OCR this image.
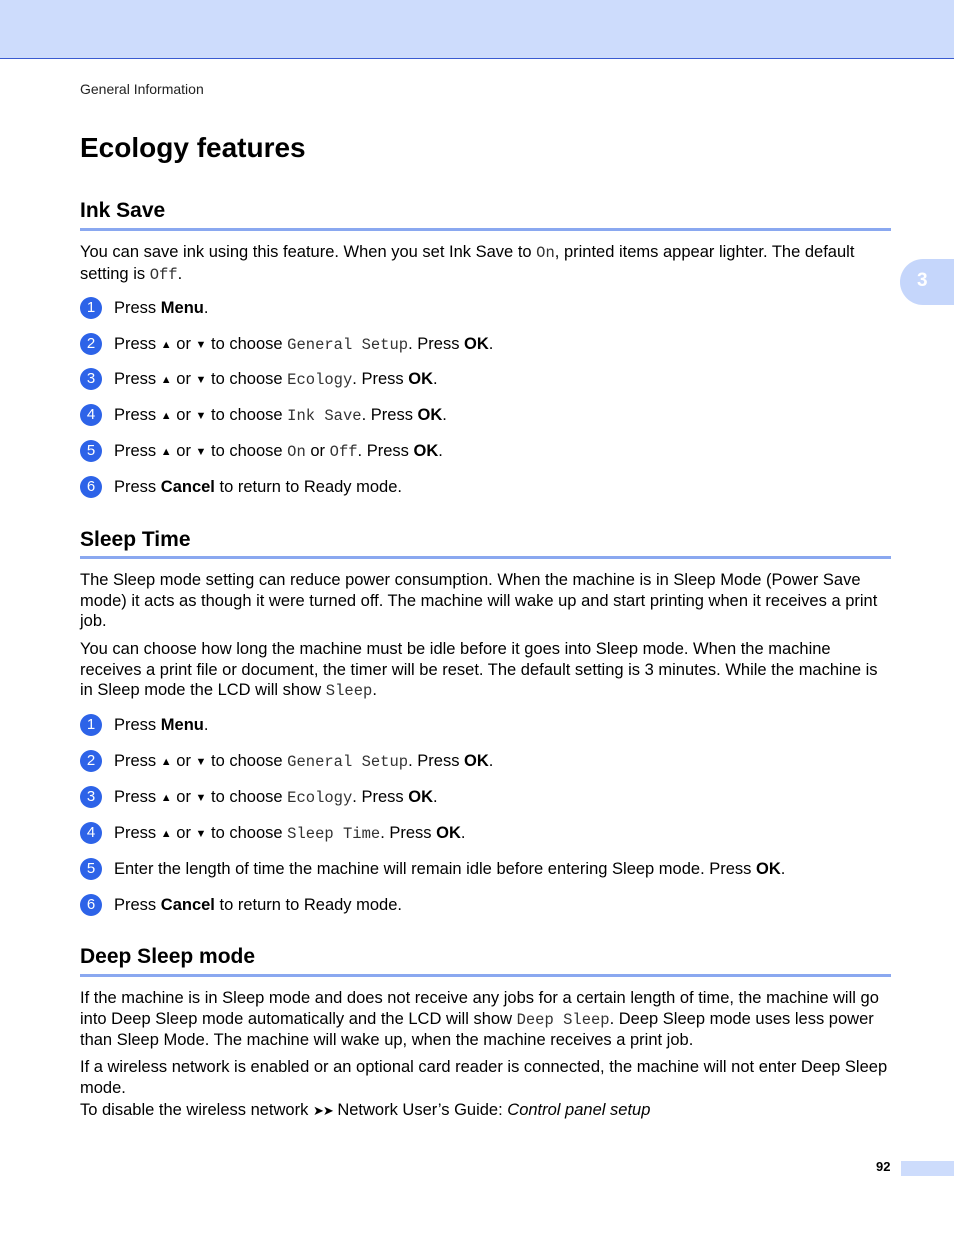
General Information
3
Ecology features
Ink Save

You can save ink using this feature. When you set Ink Save to On, printed items appear lighter. The default setting is Off.

1	Press Menu.
2	Press ▲ or ▼ to choose General Setup. Press OK.
3	Press ▲ or ▼ to choose Ecology. Press OK.
4	Press ▲ or ▼ to choose Ink Save. Press OK.
5	Press ▲ or ▼ to choose On or Off. Press OK.
6	Press Cancel to return to Ready mode.
Sleep Time

The Sleep mode setting can reduce power consumption. When the machine is in Sleep Mode (Power Save mode) it acts as though it were turned off. The machine will wake up and start printing when it receives a print job.

You can choose how long the machine must be idle before it goes into Sleep mode. When the machine receives a print file or document, the timer will be reset. The default setting is 3 minutes. While the machine is in Sleep mode the LCD will show Sleep.

1	Press Menu.
2	Press ▲ or ▼ to choose General Setup. Press OK.
3	Press ▲ or ▼ to choose Ecology. Press OK.
4	Press ▲ or ▼ to choose Sleep Time. Press OK.
5	Enter the length of time the machine will remain idle before entering Sleep mode. Press OK.
6	Press Cancel to return to Ready mode.
Deep Sleep mode

If the machine is in Sleep mode and does not receive any jobs for a certain length of time, the machine will go into Deep Sleep mode automatically and the LCD will show Deep Sleep. Deep Sleep mode uses less power than Sleep Mode. The machine will wake up, when the machine receives a print job.

If a wireless network is enabled or an optional card reader is connected, the machine will not enter Deep Sleep mode.

To disable the wireless network ➤➤ Network User’s Guide: Control panel setup

92
